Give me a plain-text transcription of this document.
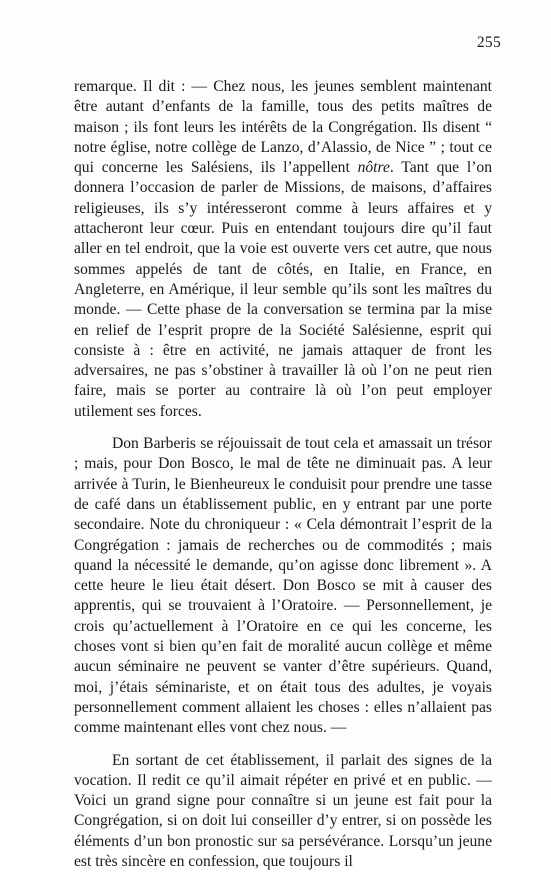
255

remarque. Il dit : — Chez nous, les jeunes semblent maintenant être autant d’enfants de la famille, tous des petits maîtres de maison ; ils font leurs les intérêts de la Congrégation. Ils disent “ notre église, notre collège de Lanzo, d’Alassio, de Nice ” ; tout ce qui concerne les Salésiens, ils l’appellent nôtre. Tant que l’on donnera l’occasion de parler de Missions, de maisons, d’affaires religieuses, ils s’y intéresseront comme à leurs affaires et y attacheront leur cœur. Puis en entendant toujours dire qu’il faut aller en tel endroit, que la voie est ouverte vers cet autre, que nous sommes appelés de tant de côtés, en Italie, en France, en Angleterre, en Amérique, il leur semble qu’ils sont les maîtres du monde. — Cette phase de la conversation se termina par la mise en relief de l’esprit propre de la Société Salésienne, esprit qui consiste à : être en activité, ne jamais attaquer de front les adversaires, ne pas s’obstiner à travailler là où l’on ne peut rien faire, mais se porter au contraire là où l’on peut employer utilement ses forces.

Don Barberis se réjouissait de tout cela et amassait un trésor ; mais, pour Don Bosco, le mal de tête ne diminuait pas. A leur arrivée à Turin, le Bienheureux le conduisit pour prendre une tasse de café dans un établissement public, en y entrant par une porte secondaire. Note du chroniqueur : « Cela démontrait l’esprit de la Congrégation : jamais de recherches ou de commodités ; mais quand la nécessité le demande, qu’on agisse donc librement ». A cette heure le lieu était désert. Don Bosco se mit à causer des apprentis, qui se trouvaient à l’Oratoire. — Personnellement, je crois qu’actuellement à l’Oratoire en ce qui les concerne, les choses vont si bien qu’en fait de moralité aucun collège et même aucun séminaire ne peuvent se vanter d’être supérieurs. Quand, moi, j’étais séminariste, et on était tous des adultes, je voyais personnellement comment allaient les choses : elles n’allaient pas comme maintenant elles vont chez nous. —

En sortant de cet établissement, il parlait des signes de la vocation. Il redit ce qu’il aimait répéter en privé et en public. — Voici un grand signe pour connaître si un jeune est fait pour la Congrégation, si on doit lui conseiller d’y entrer, si on possède les éléments d’un bon pronostic sur sa persévérance. Lorsqu’un jeune est très sincère en confession, que toujours il
